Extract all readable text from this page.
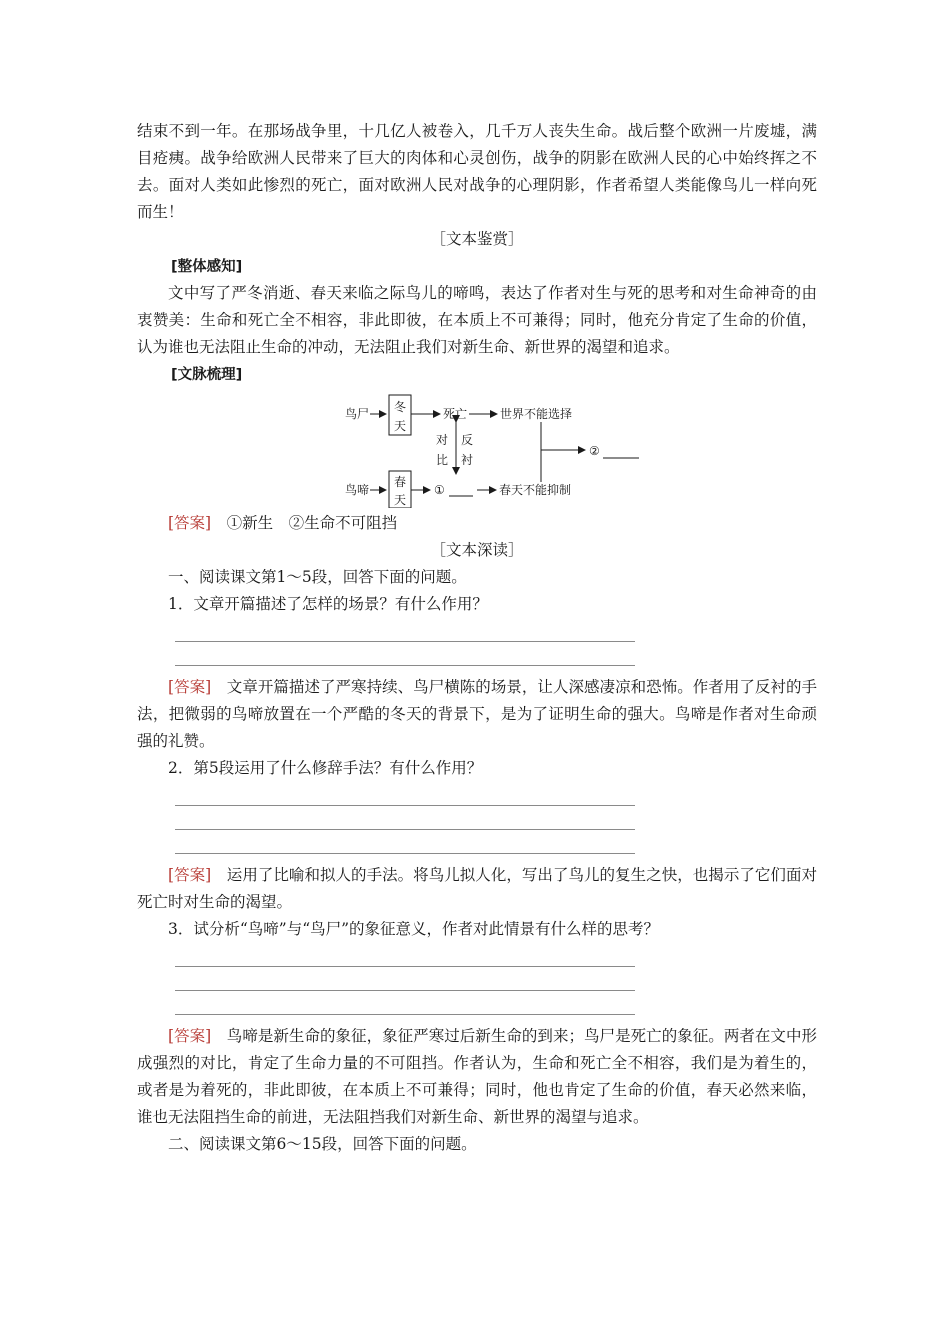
结束不到一年。在那场战争里，十几亿人被卷入，几千万人丧失生命。战后整个欧洲一片废墟，满目疮痍。战争给欧洲人民带来了巨大的肉体和心灵创伤，战争的阴影在欧洲人民的心中始终挥之不去。面对人类如此惨烈的死亡，面对欧洲人民对战争的心理阴影，作者希望人类能像鸟儿一样向死而生！

［文本鉴赏］

[整体感知]

文中写了严冬消逝、春天来临之际鸟儿的啼鸣，表达了作者对生与死的思考和对生命神奇的由衷赞美：生命和死亡全不相容，非此即彼，在本质上不可兼得；同时，他充分肯定了生命的价值，认为谁也无法阻止生命的冲动，无法阻止我们对新生命、新世界的渴望和追求。

[文脉梳理]

鸟尸 冬
天
死亡	世界不能选择
对
比
反
衬
②
鸟啼
春
天
①	春天不能抑制

[答案]　 ①新生　②生命不可阻挡

［文本深读］

一、阅读课文第1～5段，回答下面的问题。

1．文章开篇描述了怎样的场景？有什么作用？

[答案]　 文章开篇描述了严寒持续、鸟尸横陈的场景，让人深感凄凉和恐怖。作者用了反衬的手法，把微弱的鸟啼放置在一个严酷的冬天的背景下，是为了证明生命的强大。鸟啼是作者对生命顽强的礼赞。

2．第5段运用了什么修辞手法？有什么作用？

[答案]　 运用了比喻和拟人的手法。将鸟儿拟人化，写出了鸟儿的复生之快，也揭示了它们面对死亡时对生命的渴望。

3．试分析“鸟啼”与“鸟尸”的象征意义，作者对此情景有什么样的思考？

[答案]　 鸟啼是新生命的象征，象征严寒过后新生命的到来；鸟尸是死亡的象征。两者在文中形成强烈的对比，肯定了生命力量的不可阻挡。作者认为，生命和死亡全不相容，我们是为着生的，或者是为着死的，非此即彼，在本质上不可兼得；同时，他也肯定了生命的价值，春天必然来临，谁也无法阻挡生命的前进，无法阻挡我们对新生命、新世界的渴望与追求。

二、阅读课文第6～15段，回答下面的问题。
